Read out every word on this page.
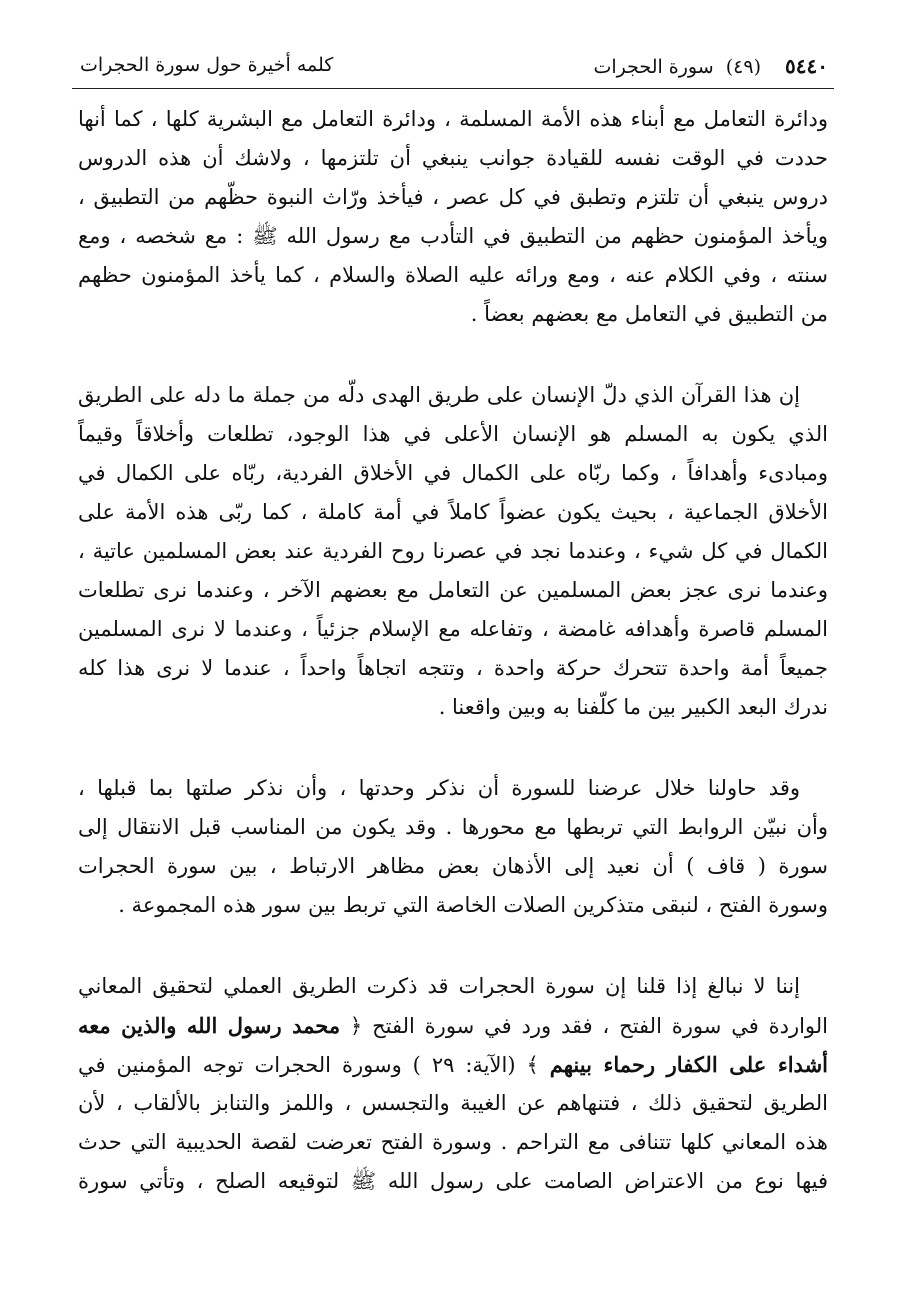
٥٤٤٠ (٤٩) سورة الحجرات
كلمه أخيرة حول سورة الحجرات
ودائرة التعامل مع أبناء هذه الأمة المسلمة ، ودائرة التعامل مع البشرية كلها ، كما أنها
حددت في الوقت نفسه للقيادة جوانب ينبغي أن تلتزمها ، ولاشك أن هذه الدروس
دروس ينبغي أن تلتزم وتطبق في كل عصر ، فيأخذ ورّاث النبوة حظّهم من التطبيق ،
ويأخذ المؤمنون حظهم من التطبيق في التأدب مع رسول الله ﷺ : مع شخصه ، ومع
سنته ، وفي الكلام عنه ، ومع ورائه عليه الصلاة والسلام ، كما يأخذ المؤمنون حظهم
من التطبيق في التعامل مع بعضهم بعضاً .
إن هذا القرآن الذي دلّ الإنسان على طريق الهدى دلّه من جملة ما دله على الطريق
الذي يكون به المسلم هو الإنسان الأعلى في هذا الوجود، تطلعات وأخلاقاً وقيماً
ومبادىء وأهدافاً ، وكما ربّاه على الكمال في الأخلاق الفردية، ربّاه على الكمال في
الأخلاق الجماعية ، بحيث يكون عضواً كاملاً في أمة كاملة ، كما ربّى هذه الأمة على
الكمال في كل شيء ، وعندما نجد في عصرنا روح الفردية عند بعض المسلمين عاتية ،
وعندما نرى عجز بعض المسلمين عن التعامل مع بعضهم الآخر ، وعندما نرى تطلعات
المسلم قاصرة وأهدافه غامضة ، وتفاعله مع الإسلام جزئياً ، وعندما لا نرى المسلمين
جميعاً أمة واحدة تتحرك حركة واحدة ، وتتجه اتجاهاً واحداً ، عندما لا نرى هذا كله
ندرك البعد الكبير بين ما كلّفنا به وبين واقعنا .
وقد حاولنا خلال عرضنا للسورة أن نذكر وحدتها ، وأن نذكر صلتها بما قبلها ،
وأن نبيّن الروابط التي تربطها مع محورها . وقد يكون من المناسب قبل الانتقال إلى
سورة ( قاف ) أن نعيد إلى الأذهان بعض مظاهر الارتباط ، بين سورة الحجرات
وسورة الفتح ، لنبقى متذكرين الصلات الخاصة التي تربط بين سور هذه المجموعة .
إننا لا نبالغ إذا قلنا إن سورة الحجرات قد ذكرت الطريق العملي لتحقيق المعاني
الواردة في سورة الفتح ، فقد ورد في سورة الفتح ﴿ محمد رسول الله والذين معه
أشداء على الكفار رحماء بينهم ﴾ (الآية: ٢٩ ) وسورة الحجرات توجه المؤمنين في
الطريق لتحقيق ذلك ، فتنهاهم عن الغيبة والتجسس ، واللمز والتنابز بالألقاب ، لأن
هذه المعاني كلها تتنافى مع التراحم . وسورة الفتح تعرضت لقصة الحديبية التي حدث
فيها نوع من الاعتراض الصامت على رسول الله ﷺ لتوقيعه الصلح ، وتأتي سورة
